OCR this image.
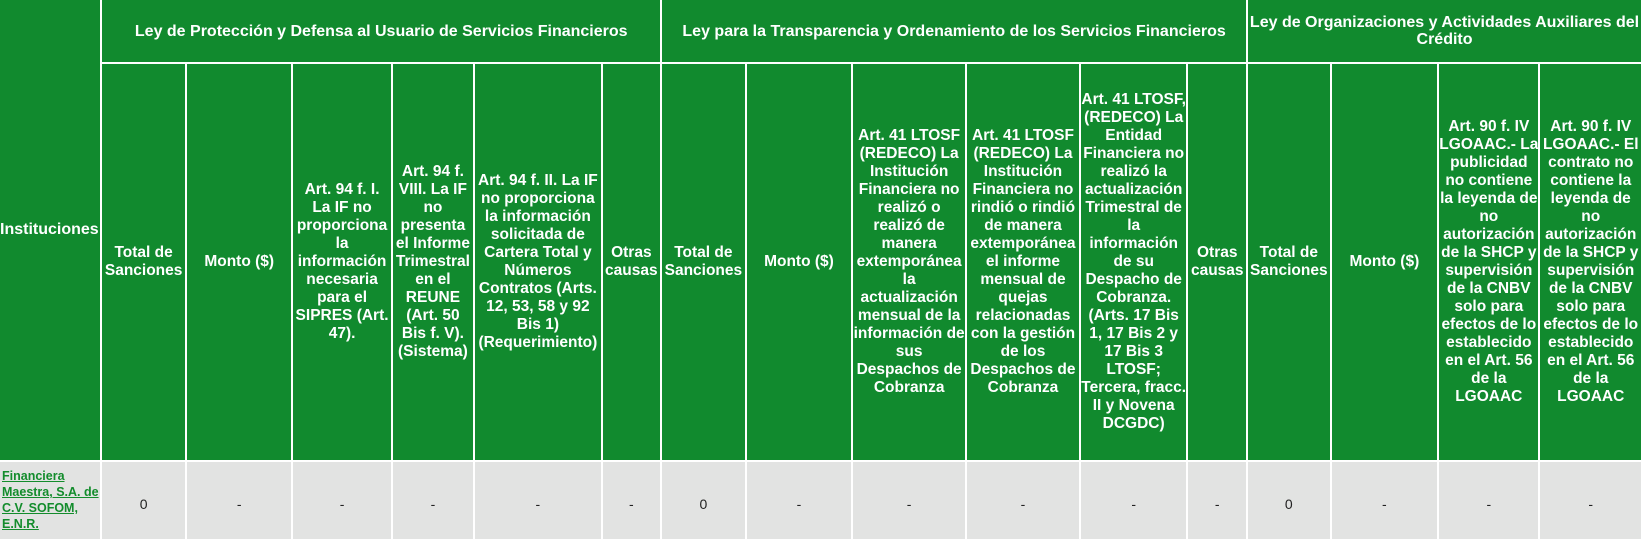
Instituciones	Ley de Protección y Defensa al Usuario de Servicios Financieros						Ley para la Transparencia y Ordenamiento de los Servicios Financieros						Ley de Organizaciones y Actividades Auxiliares del Crédito			
	Total de Sanciones	Monto ($)	Art. 94 f. I. La IF no proporciona la información necesaria para el SIPRES (Art. 47).	Art. 94 f. VIII. La IF no presenta el Informe Trimestral en el REUNE (Art. 50 Bis f. V). (Sistema)	Art. 94 f. II. La IF no proporciona la información solicitada de Cartera Total y Números Contratos (Arts. 12, 53, 58 y 92 Bis 1) (Requerimiento)	Otras causas	Total de Sanciones	Monto ($)	Art. 41 LTOSF (REDECO) La Institución Financiera no realizó o realizó de manera extemporánea la actualización mensual de la información de sus Despachos de Cobranza	Art. 41 LTOSF (REDECO) La Institución Financiera no rindió o rindió de manera extemporánea el informe mensual de quejas relacionadas con la gestión de los Despachos de Cobranza	Art. 41 LTOSF, (REDECO) La Entidad Financiera no realizó la actualización Trimestral de la información de su Despacho de Cobranza. (Arts. 17 Bis 1, 17 Bis 2 y 17 Bis 3 LTOSF; Tercera, fracc. II y Novena DCGDC)	Otras causas	Total de Sanciones	Monto ($)	Art. 90 f. IV LGOAAC.- La publicidad no contiene la leyenda de no autorización de la SHCP y supervisión de la CNBV solo para efectos de lo establecido en el Art. 56 de la LGOAAC	Art. 90 f. IV LGOAAC.- El contrato no contiene la leyenda de no autorización de la SHCP y supervisión de la CNBV solo para efectos de lo establecido en el Art. 56 de la LGOAAC
Financiera Maestra, S.A. de C.V. SOFOM, E.N.R.	0	-	-	-	-	-	0	-	-	-	-	-	0	-	-	-
